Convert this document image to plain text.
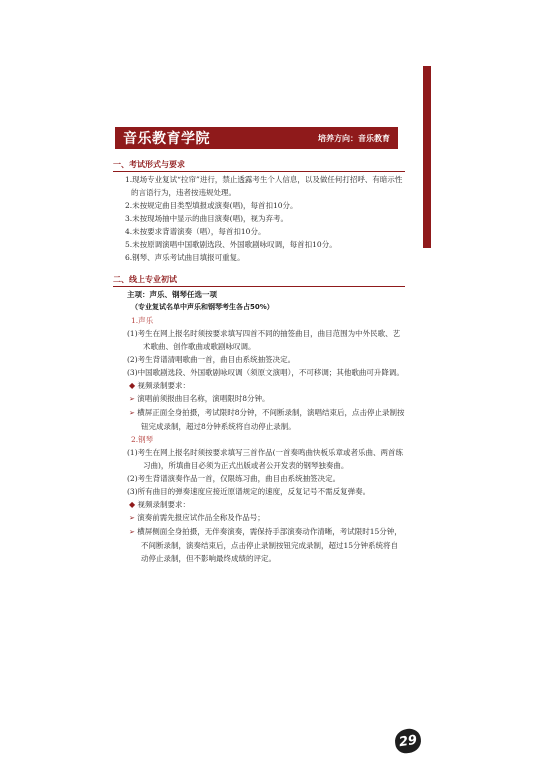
音乐教育学院	培养方向：音乐教育

一、考试形式与要求

1.现场专业复试“拉帘”进行，禁止透露考生个人信息，以及做任何打招呼、有暗示性的言语行为，违者按违规处理。

2.未按规定曲目类型填报或演奏(唱)，每首扣10分。

3.未按现场抽中显示的曲目演奏(唱)，视为弃考。

4.未按要求背谱演奏（唱），每首扣10分。

5.未按原调演唱中国歌剧选段、外国歌剧咏叹调，每首扣10分。

6.钢琴、声乐考试曲目填报可重复。

二、线上专业初试

主项：声乐、钢琴任选一项

（专业复试名单中声乐和钢琴考生各占50%）

1.声乐

(1)考生在网上报名时须按要求填写四首不同的抽签曲目，曲目范围为中外民歌、艺术歌曲、创作歌曲或歌剧咏叹调。

(2)考生背谱清唱歌曲一首，曲目由系统抽签决定。

(3)中国歌剧选段、外国歌剧咏叹调（须原文演唱），不可移调；其他歌曲可升降调。

◆ 视频录制要求：

➢ 演唱前须报曲目名称，演唱限时8分钟。

➢ 横屏正面全身拍摄，考试限时8分钟，不间断录制，演唱结束后，点击停止录制按钮完成录制，超过8分钟系统将自动停止录制。

2.钢琴

(1)考生在网上报名时须按要求填写三首作品(一首奏鸣曲快板乐章或者乐曲、两首练习曲)，所填曲目必须为正式出版或者公开发表的钢琴独奏曲。

(2)考生背谱演奏作品一首，仅限练习曲，曲目由系统抽签决定。

(3)所有曲目的弹奏速度应接近原谱规定的速度，反复记号不需反复弹奏。

◆ 视频录制要求：

➢ 演奏前需先报应试作品全称及作品号；

➢ 横屏侧面全身拍摄，无伴奏演奏，需保持手部演奏动作清晰，考试限时15分钟，不间断录制，演奏结束后，点击停止录制按钮完成录制，超过15分钟系统将自动停止录制，但不影响最终成绩的评定。

29
